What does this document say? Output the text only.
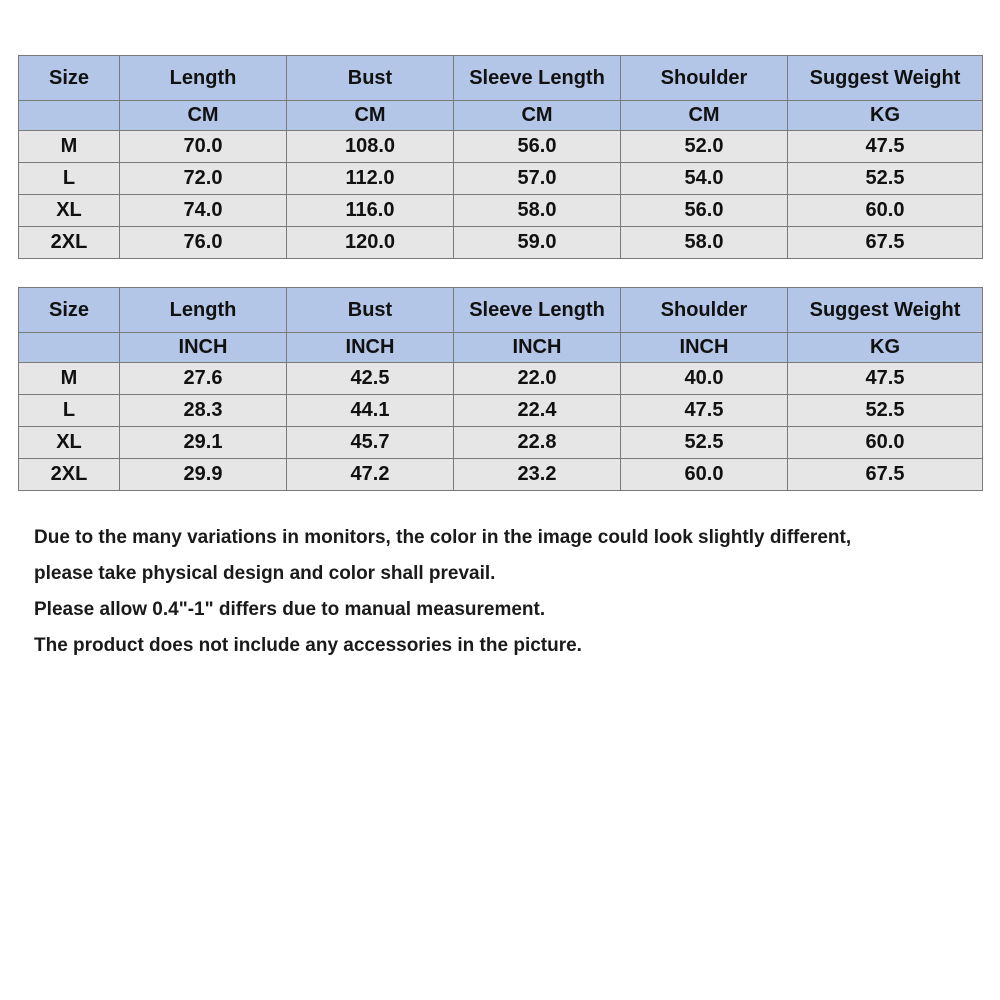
Size	Length	Bust	Sleeve Length	Shoulder	Suggest Weight
	CM	CM	CM	CM	KG
M	70.0	108.0	56.0	52.0	47.5
L	72.0	112.0	57.0	54.0	52.5
XL	74.0	116.0	58.0	56.0	60.0
2XL	76.0	120.0	59.0	58.0	67.5
Size	Length	Bust	Sleeve Length	Shoulder	Suggest Weight
	INCH	INCH	INCH	INCH	KG
M	27.6	42.5	22.0	40.0	47.5
L	28.3	44.1	22.4	47.5	52.5
XL	29.1	45.7	22.8	52.5	60.0
2XL	29.9	47.2	23.2	60.0	67.5

Due to the many variations in monitors, the color in the image could look slightly different,

please take physical design and color shall prevail.

Please allow 0.4"-1" differs due to manual measurement.

The product does not include any accessories in the picture.
